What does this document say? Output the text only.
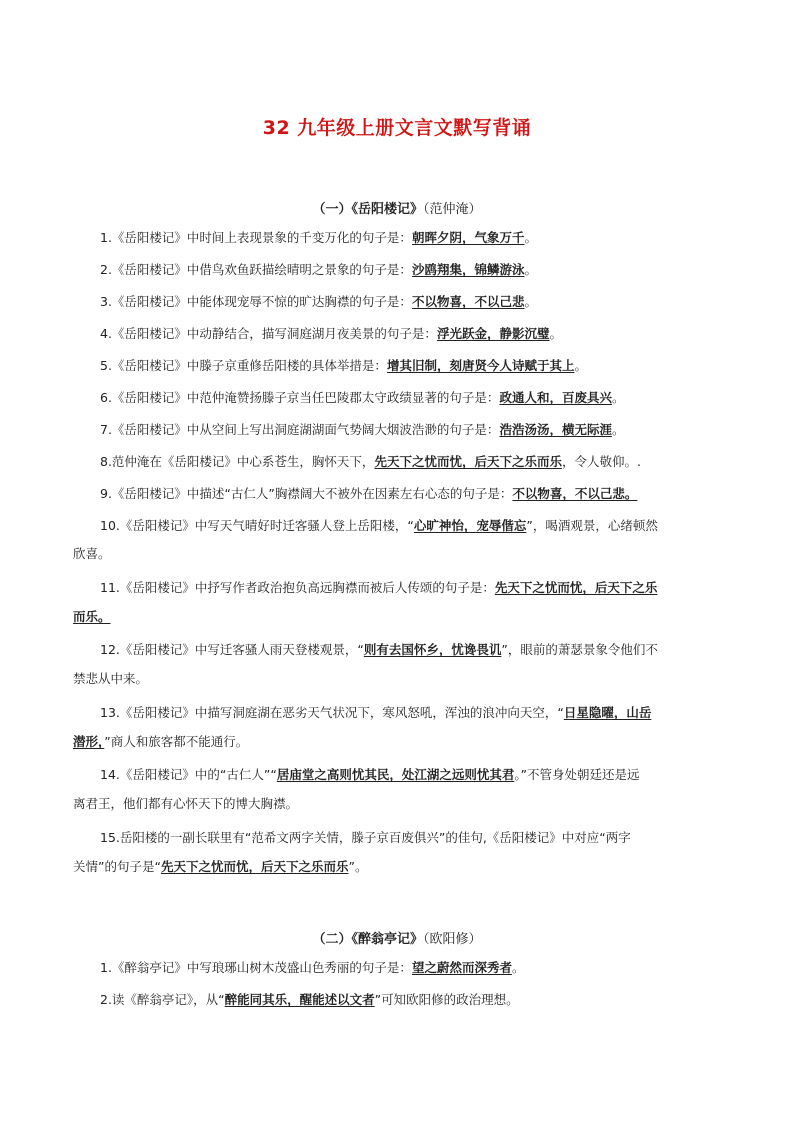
32 九年级上册文言文默写背诵
（一）《岳阳楼记》（范仲淹）
1.《岳阳楼记》中时间上表现景象的千变万化的句子是：朝晖夕阴，气象万千。
2.《岳阳楼记》中借鸟欢鱼跃描绘晴明之景象的句子是：沙鸥翔集，锦鳞游泳。
3.《岳阳楼记》中能体现宠辱不惊的旷达胸襟的句子是：不以物喜，不以己悲。
4.《岳阳楼记》中动静结合，描写洞庭湖月夜美景的句子是：浮光跃金，静影沉璧。
5.《岳阳楼记》中滕子京重修岳阳楼的具体举措是：增其旧制，刻唐贤今人诗赋于其上。
6.《岳阳楼记》中范仲淹赞扬滕子京当任巴陵郡太守政绩显著的句子是：政通人和，百废具兴。
7.《岳阳楼记》中从空间上写出洞庭湖湖面气势阔大烟波浩渺的句子是：浩浩汤汤，横无际涯。
8.范仲淹在《岳阳楼记》中心系苍生，胸怀天下，先天下之忧而忧，后天下之乐而乐，令人敬仰。.
9.《岳阳楼记》中描述“古仁人”胸襟阔大不被外在因素左右心态的句子是：不以物喜，不以己悲。
10.《岳阳楼记》中写天气晴好时迁客骚人登上岳阳楼，“心旷神怡，宠辱偕忘”，喝酒观景，心绪顿然
欣喜。
11.《岳阳楼记》中抒写作者政治抱负高远胸襟而被后人传颂的句子是：先天下之忧而忧，后天下之乐
而乐。
12.《岳阳楼记》中写迁客骚人雨天登楼观景，“则有去国怀乡，忧谗畏讥”，眼前的萧瑟景象令他们不
禁悲从中来。
13.《岳阳楼记》中描写洞庭湖在恶劣天气状况下，寒风怒吼，浑浊的浪冲向天空，“日星隐曜，山岳
潜形，”商人和旅客都不能通行。
14.《岳阳楼记》中的“古仁人”“居庙堂之高则忧其民，处江湖之远则忧其君。”不管身处朝廷还是远
离君王，他们都有心怀天下的博大胸襟。
15.岳阳楼的一副长联里有“范希文两字关情，滕子京百废俱兴”的佳句,《岳阳楼记》中对应“两字
关情”的句子是“先天下之忧而忧，后天下之乐而乐”。
（二）《醉翁亭记》（欧阳修）
1.《醉翁亭记》中写琅琊山树木茂盛山色秀丽的句子是：望之蔚然而深秀者。
2.读《醉翁亭记》，从“醉能同其乐，醒能述以文者”可知欧阳修的政治理想。
